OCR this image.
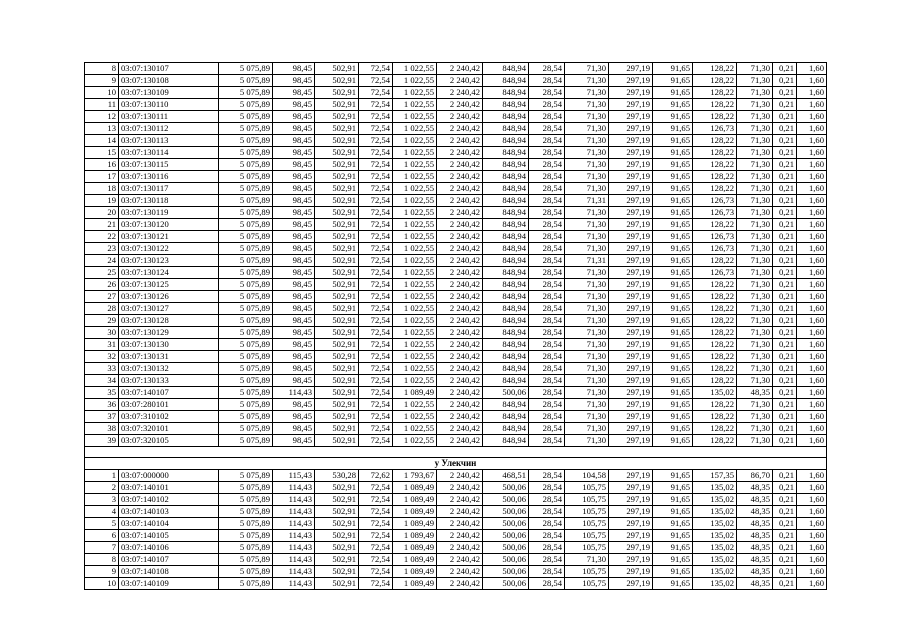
8	03:07:130107	5 075,89	98,45	502,91	72,54	1 022,55	2 240,42	848,94	28,54	71,30	297,19	91,65	128,22	71,30	0,21	1,60
9	03:07:130108	5 075,89	98,45	502,91	72,54	1 022,55	2 240,42	848,94	28,54	71,30	297,19	91,65	128,22	71,30	0,21	1,60
10	03:07:130109	5 075,89	98,45	502,91	72,54	1 022,55	2 240,42	848,94	28,54	71,30	297,19	91,65	128,22	71,30	0,21	1,60
11	03:07:130110	5 075,89	98,45	502,91	72,54	1 022,55	2 240,42	848,94	28,54	71,30	297,19	91,65	128,22	71,30	0,21	1,60
12	03:07:130111	5 075,89	98,45	502,91	72,54	1 022,55	2 240,42	848,94	28,54	71,30	297,19	91,65	128,22	71,30	0,21	1,60
13	03:07:130112	5 075,89	98,45	502,91	72,54	1 022,55	2 240,42	848,94	28,54	71,30	297,19	91,65	126,73	71,30	0,21	1,60
14	03:07:130113	5 075,89	98,45	502,91	72,54	1 022,55	2 240,42	848,94	28,54	71,30	297,19	91,65	128,22	71,30	0,21	1,60
15	03:07:130114	5 075,89	98,45	502,91	72,54	1 022,55	2 240,42	848,94	28,54	71,30	297,19	91,65	128,22	71,30	0,21	1,60
16	03:07:130115	5 075,89	98,45	502,91	72,54	1 022,55	2 240,42	848,94	28,54	71,30	297,19	91,65	128,22	71,30	0,21	1,60
17	03:07:130116	5 075,89	98,45	502,91	72,54	1 022,55	2 240,42	848,94	28,54	71,30	297,19	91,65	128,22	71,30	0,21	1,60
18	03:07:130117	5 075,89	98,45	502,91	72,54	1 022,55	2 240,42	848,94	28,54	71,30	297,19	91,65	128,22	71,30	0,21	1,60
19	03:07:130118	5 075,89	98,45	502,91	72,54	1 022,55	2 240,42	848,94	28,54	71,31	297,19	91,65	126,73	71,30	0,21	1,60
20	03:07:130119	5 075,89	98,45	502,91	72,54	1 022,55	2 240,42	848,94	28,54	71,30	297,19	91,65	126,73	71,30	0,21	1,60
21	03:07:130120	5 075,89	98,45	502,91	72,54	1 022,55	2 240,42	848,94	28,54	71,30	297,19	91,65	128,22	71,30	0,21	1,60
22	03:07:130121	5 075,89	98,45	502,91	72,54	1 022,55	2 240,42	848,94	28,54	71,30	297,19	91,65	126,73	71,30	0,21	1,60
23	03:07:130122	5 075,89	98,45	502,91	72,54	1 022,55	2 240,42	848,94	28,54	71,30	297,19	91,65	126,73	71,30	0,21	1,60
24	03:07:130123	5 075,89	98,45	502,91	72,54	1 022,55	2 240,42	848,94	28,54	71,31	297,19	91,65	128,22	71,30	0,21	1,60
25	03:07:130124	5 075,89	98,45	502,91	72,54	1 022,55	2 240,42	848,94	28,54	71,30	297,19	91,65	126,73	71,30	0,21	1,60
26	03:07:130125	5 075,89	98,45	502,91	72,54	1 022,55	2 240,42	848,94	28,54	71,30	297,19	91,65	128,22	71,30	0,21	1,60
27	03:07:130126	5 075,89	98,45	502,91	72,54	1 022,55	2 240,42	848,94	28,54	71,30	297,19	91,65	128,22	71,30	0,21	1,60
28	03:07:130127	5 075,89	98,45	502,91	72,54	1 022,55	2 240,42	848,94	28,54	71,30	297,19	91,65	128,22	71,30	0,21	1,60
29	03:07:130128	5 075,89	98,45	502,91	72,54	1 022,55	2 240,42	848,94	28,54	71,30	297,19	91,65	128,22	71,30	0,21	1,60
30	03:07:130129	5 075,89	98,45	502,91	72,54	1 022,55	2 240,42	848,94	28,54	71,30	297,19	91,65	128,22	71,30	0,21	1,60
31	03:07:130130	5 075,89	98,45	502,91	72,54	1 022,55	2 240,42	848,94	28,54	71,30	297,19	91,65	128,22	71,30	0,21	1,60
32	03:07:130131	5 075,89	98,45	502,91	72,54	1 022,55	2 240,42	848,94	28,54	71,30	297,19	91,65	128,22	71,30	0,21	1,60
33	03:07:130132	5 075,89	98,45	502,91	72,54	1 022,55	2 240,42	848,94	28,54	71,30	297,19	91,65	128,22	71,30	0,21	1,60
34	03:07:130133	5 075,89	98,45	502,91	72,54	1 022,55	2 240,42	848,94	28,54	71,30	297,19	91,65	128,22	71,30	0,21	1,60
35	03:07:140107	5 075,89	114,43	502,91	72,54	1 089,49	2 240,42	500,06	28,54	71,30	297,19	91,65	135,02	48,35	0,21	1,60
36	03:07:280101	5 075,89	98,45	502,91	72,54	1 022,55	2 240,42	848,94	28,54	71,30	297,19	91,65	128,22	71,30	0,21	1,60
37	03:07:310102	5 075,89	98,45	502,91	72,54	1 022,55	2 240,42	848,94	28,54	71,30	297,19	91,65	128,22	71,30	0,21	1,60
38	03:07:320101	5 075,89	98,45	502,91	72,54	1 022,55	2 240,42	848,94	28,54	71,30	297,19	91,65	128,22	71,30	0,21	1,60
39	03:07:320105	5 075,89	98,45	502,91	72,54	1 022,55	2 240,42	848,94	28,54	71,30	297,19	91,65	128,22	71,30	0,21	1,60

у Улекчин																
1	03:07:000000	5 075,89	115,43	530,28	72,62	1 793,67	2 240,42	468,51	28,54	104,58	297,19	91,65	157,35	86,70	0,21	1,60
2	03:07:140101	5 075,89	114,43	502,91	72,54	1 089,49	2 240,42	500,06	28,54	105,75	297,19	91,65	135,02	48,35	0,21	1,60
3	03:07:140102	5 075,89	114,43	502,91	72,54	1 089,49	2 240,42	500,06	28,54	105,75	297,19	91,65	135,02	48,35	0,21	1,60
4	03:07:140103	5 075,89	114,43	502,91	72,54	1 089,49	2 240,42	500,06	28,54	105,75	297,19	91,65	135,02	48,35	0,21	1,60
5	03:07:140104	5 075,89	114,43	502,91	72,54	1 089,49	2 240,42	500,06	28,54	105,75	297,19	91,65	135,02	48,35	0,21	1,60
6	03:07:140105	5 075,89	114,43	502,91	72,54	1 089,49	2 240,42	500,06	28,54	105,75	297,19	91,65	135,02	48,35	0,21	1,60
7	03:07:140106	5 075,89	114,43	502,91	72,54	1 089,49	2 240,42	500,06	28,54	105,75	297,19	91,65	135,02	48,35	0,21	1,60
8	03:07:140107	5 075,89	114,43	502,91	72,54	1 089,49	2 240,42	500,06	28,54	71,30	297,19	91,65	135,02	48,35	0,21	1,60
9	03:07:140108	5 075,89	114,43	502,91	72,54	1 089,49	2 240,42	500,06	28,54	105,75	297,19	91,65	135,02	48,35	0,21	1,60
10	03:07:140109	5 075,89	114,43	502,91	72,54	1 089,49	2 240,42	500,06	28,54	105,75	297,19	91,65	135,02	48,35	0,21	1,60
